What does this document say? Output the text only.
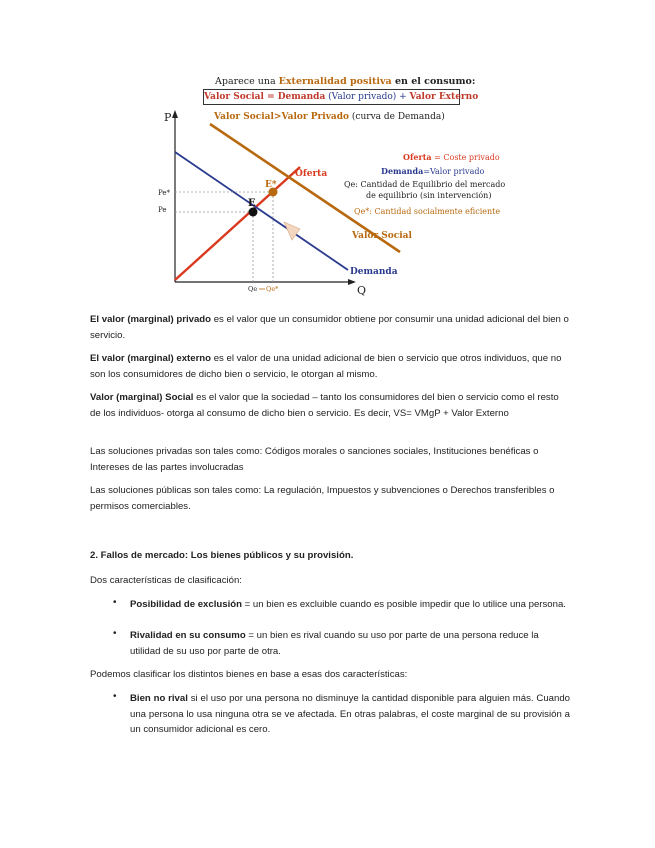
Aparece una Externalidad positiva en el consumo:
Valor Social = Demanda (Valor privado) + Valor Externo
Valor Social>Valor Privado (curva de Demanda)
P
Q
Oferta
Valor Social
Demanda
E
E*
Pe*
Pe
Qe Qe*
Oferta = Coste privado
Demanda=Valor privado
Qe: Cantidad de Equilibrio del mercado
de equilibrio (sin intervención)
Qe*: Cantidad socialmente eficiente
El valor (marginal) privado es el valor que un consumidor obtiene por consumir una unidad adicional del bien o servicio.
El valor (marginal) externo es el valor de una unidad adicional de bien o servicio que otros individuos, que no son los consumidores de dicho bien o servicio, le otorgan al mismo.
Valor (marginal) Social es el valor que la sociedad – tanto los consumidores del bien o servicio como el resto de los individuos- otorga al consumo de dicho bien o servicio. Es decir, VS= VMgP + Valor Externo
Las soluciones privadas son tales como: Códigos morales o sanciones sociales, Instituciones benéficas o Intereses de las partes involucradas
Las soluciones públicas son tales como: La regulación, Impuestos y subvenciones o Derechos transferibles o permisos comerciables.
2. Fallos de mercado: Los bienes públicos y su provisión.
Dos características de clasificación:
• Posibilidad de exclusión = un bien es excluible cuando es posible impedir que lo utilice una persona.
• Rivalidad en su consumo = un bien es rival cuando su uso por parte de una persona reduce la utilidad de su uso por parte de otra.
Podemos clasificar los distintos bienes en base a esas dos características:
• Bien no rival si el uso por una persona no disminuye la cantidad disponible para alguien más. Cuando una persona lo usa ninguna otra se ve afectada. En otras palabras, el coste marginal de su provisión a un consumidor adicional es cero.
